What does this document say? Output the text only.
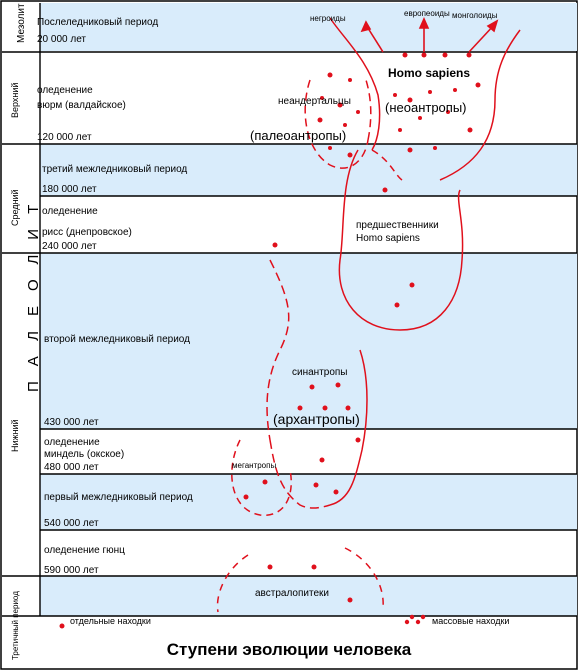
Мезолит
Верхний
Средний ПАЛЕОЛИТ
Нижний
Третичный период
Послеледниковый период
20 000 лет
оледенение
вюрм (валдайское)
120 000 лет
третий межледниковый период
180 000 лет
оледенение
рисс (днепровское)
240 000 лет
второй межледниковый период
430 000 лет
оледенение
миндель (окское)
480 000 лет
первый межледниковый период
540 000 лет
оледенение гюнц
590 000 лет
негроиды
европеоиды монголоиды
Homo sapiens
неандертальцы	(неоантропы)
(палеоантропы)
предшественники
Homo sapiens
синантропы
(архантропы)
мегантропы
австралопитеки
отдельные находки	массовые находки
Ступени эволюции человека
